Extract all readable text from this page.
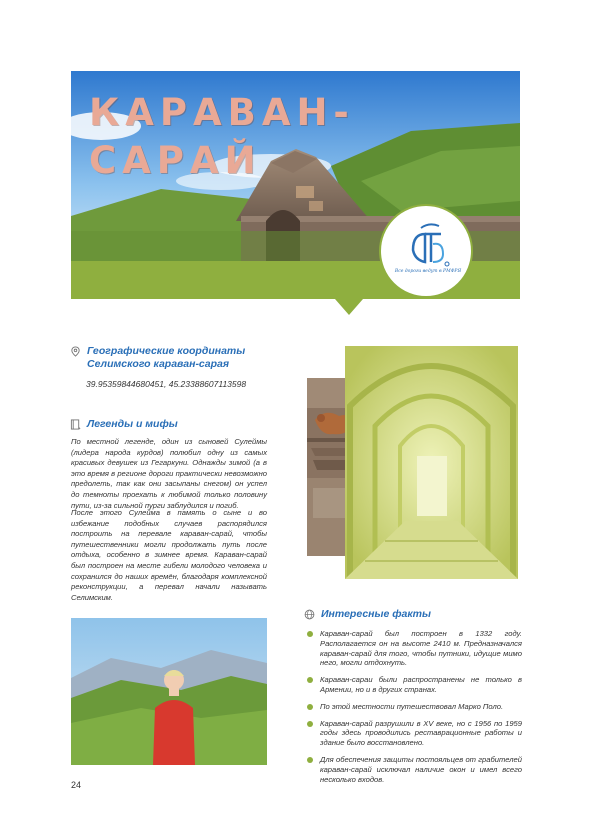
КАРАВАН-
САРАЙ
Все дороги ведут в РМФРЯ
Географические координаты
Селимского караван-сарая
39.95359844680451, 45.23388607113598
Легенды и мифы

По местной легенде, один из сыновей Сулеймы (лидера народа курдов) полюбил одну из самых красивых девушек из Гегаркуни. Однажды зимой (а в это время в регионе дороги практически невозможно предолеть, так как они засыпаны снегом) он успел до темноты проехать к любимой только половину пути, из-за сильной пурги заблудился и погиб.

После этого Сулейма в память о сыне и во избежание подобных случаев распорядился построить на перевале караван-сарай, чтобы путешественники могли продолжать путь после отдыха, особенно в зимнее время. Караван-сарай был построен на месте гибели молодого человека и сохранился до наших времён, благодаря комплексной реконструкции, а перевал начали называть Селимским.

Интересные факты
Караван-сарай был построен в 1332 году. Располагается он на высоте 2410 м. Предназначался караван-сарай для того, чтобы путники, идущие мимо него, могли отдохнуть.
Караван-сараи были распространены не только в Армении, но и в других странах.
По этой местности путешествовал Марко Поло.
Караван-сарай разрушили в XV веке, но с 1956 по 1959 годы здесь проводились реставрационные работы и здание было восстановлено.
Для обеспечения защиты постояльцев от грабителей караван-сарай исключал наличие окон и имел всего несколько входов.
24
